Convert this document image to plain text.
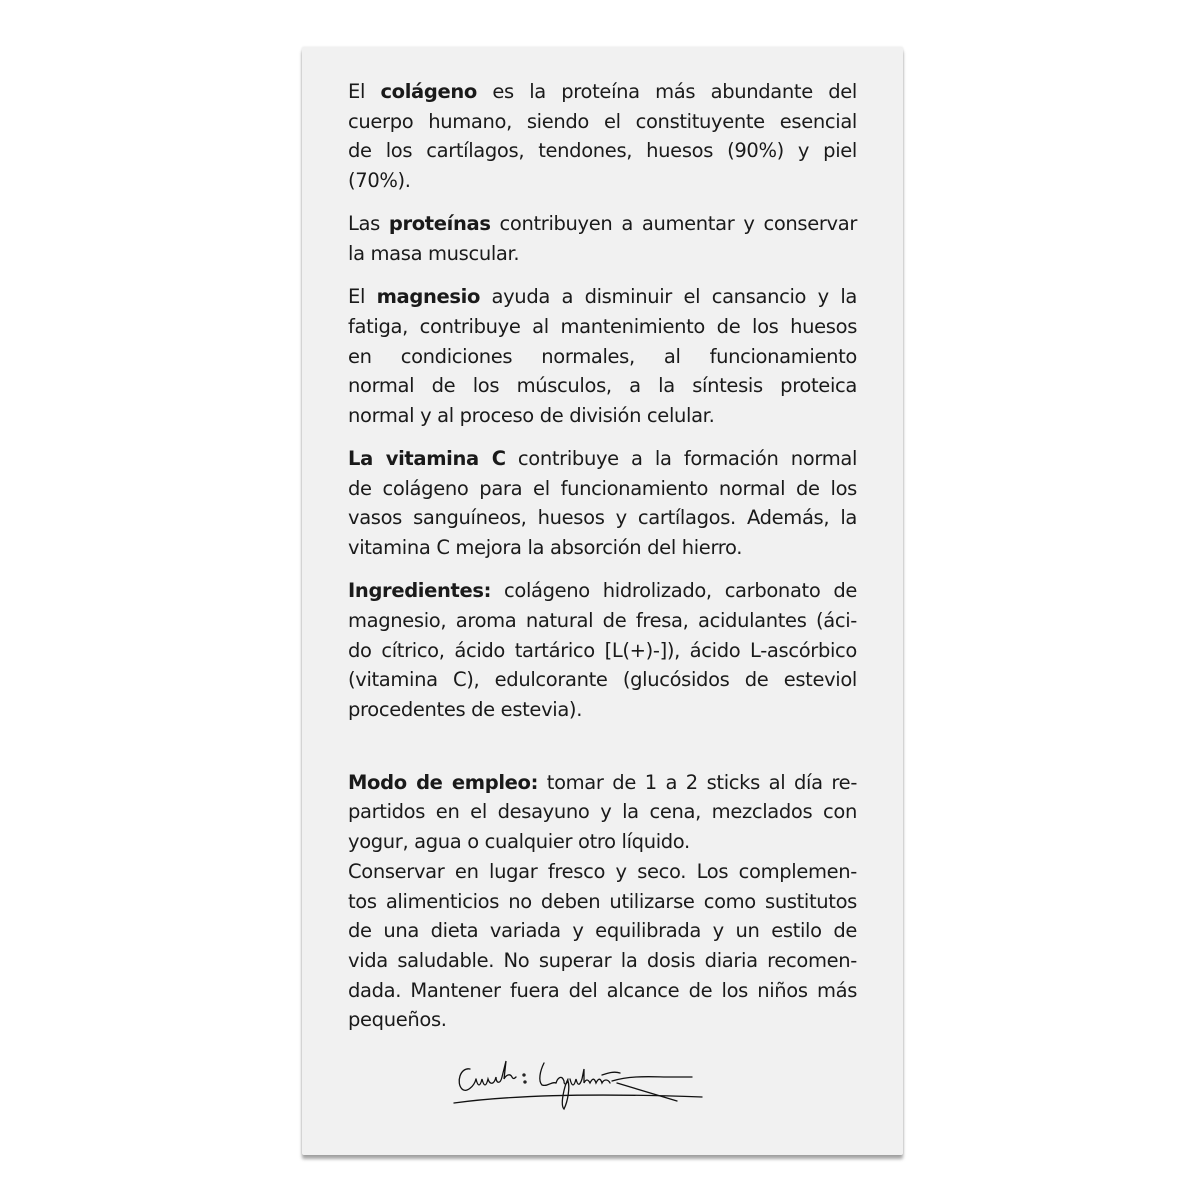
El colágeno es la proteína más abundante del
cuerpo humano, siendo el constituyente esencial
de los cartílagos, tendones, huesos (90%) y piel
(70%).
Las proteínas contribuyen a aumentar y conservar
la masa muscular.
El magnesio ayuda a disminuir el cansancio y la
fatiga, contribuye al mantenimiento de los huesos
en condiciones normales, al funcionamiento
normal de los músculos, a la síntesis proteica
normal y al proceso de división celular.
La vitamina C contribuye a la formación normal
de colágeno para el funcionamiento normal de los
vasos sanguíneos, huesos y cartílagos. Además, la
vitamina C mejora la absorción del hierro.
Ingredientes: colágeno hidrolizado, carbonato de
magnesio, aroma natural de fresa, acidulantes (áci-
do cítrico, ácido tartárico [L(+)-]), ácido L-ascórbico
(vitamina C), edulcorante (glucósidos de esteviol
procedentes de estevia).
Modo de empleo: tomar de 1 a 2 sticks al día re-
partidos en el desayuno y la cena, mezclados con
yogur, agua o cualquier otro líquido.
Conservar en lugar fresco y seco. Los complemen-
tos alimenticios no deben utilizarse como sustitutos
de una dieta variada y equilibrada y un estilo de
vida saludable. No superar la dosis diaria recomen-
dada. Mantener fuera del alcance de los niños más
pequeños.
